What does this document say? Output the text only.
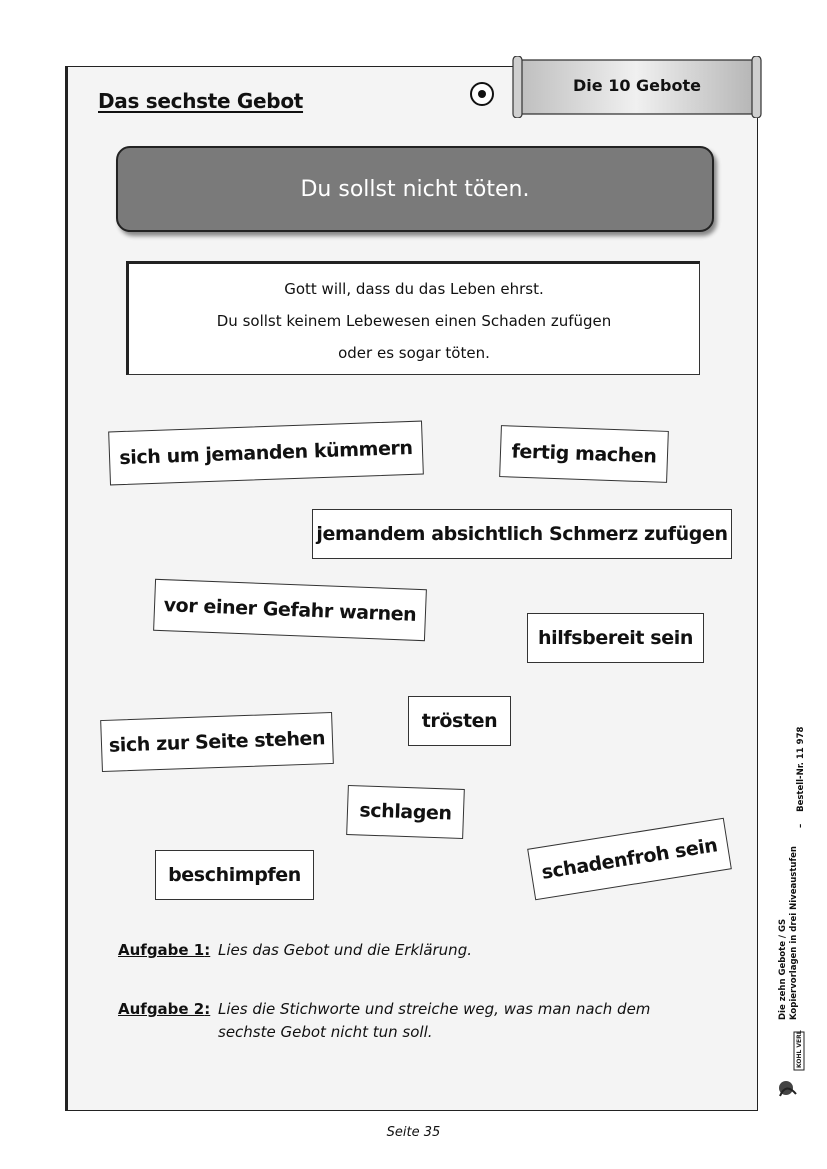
Das sechste Gebot
Die 10 Gebote
Du sollst nicht töten.
Gott will, dass du das Leben ehrst.
Du sollst keinem Lebewesen einen Schaden zufügen
oder es sogar töten.
sich um jemanden kümmern	fertig machen
jemandem absichtlich Schmerz zufügen
vor einer Gefahr warnen
hilfsbereit sein
trösten
sich zur Seite stehen
schlagen
beschimpfen	schadenfroh sein
Aufgabe 1: Lies das Gebot und die Erklärung.
Aufgabe 2: Lies die Stichworte und streiche weg, was man nach dem
sechste Gebot nicht tun soll.
Seite 35
Die zehn Gebote / GS Kopiervorlagen in drei Niveaustufen
–    Bestell-Nr. 11 978
KOHL VERLAG
